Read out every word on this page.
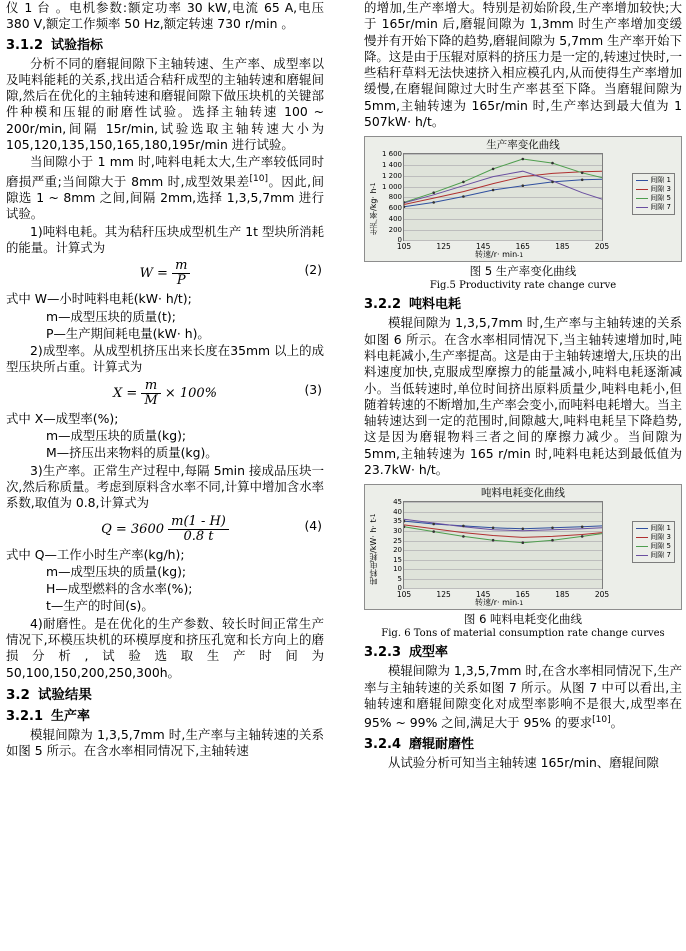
仪 1 台 。电机参数:额定功率 30 kW,电流 65 A,电压 380 V,额定工作频率 50 Hz,额定转速 730 r/min 。

3.1.2 试验指标

分析不同的磨辊间隙下主轴转速、生产率、成型率以及吨料能耗的关系,找出适合秸秆成型的主轴转速和磨辊间隙,然后在优化的主轴转速和磨辊间隙下做压块机的关键部件种模和压辊的耐磨性试验。选择主轴转速 100 ~ 200r/min,间隔 15r/min,试验选取主轴转速大小为 105,120,135,150,165,180,195r/min 进行试验。

当间隙小于 1 mm 时,吨料电耗太大,生产率较低同时磨损严重;当间隙大于 8mm 时,成型效果差[10]。因此,间隙选 1 ~ 8mm 之间,间隔 2mm,选择 1,3,5,7mm 进行试验。

1)吨料电耗。其为秸秆压块成型机生产 1t 型块所消耗的能量。计算式为

$W = \frac{m}{P}$	(2)

式中 W—小时吨料电耗(kW· h/t);

m—成型压块的质量(t);

P—生产期间耗电量(kW· h)。

2)成型率。从成型机挤压出来长度在35mm 以上的成型压块所占重。计算式为

$X = \frac{m}{M} \times 100\%$	(3)

式中 X—成型率(%);

m—成型压块的质量(kg);

M—挤压出来物料的质量(kg)。

3)生产率。正常生产过程中,每隔 5min 接成品压块一次,然后称质量。考虑到原料含水率不同,计算中增加含水率系数,取值为 0.8,计算式为

$Q = 3600 \frac{m(1 - H)}{0.8 t}$	(4)

式中 Q—工作小时生产率(kg/h);

m—成型压块的质量(kg);

H—成型燃料的含水率(%);

t—生产的时间(s)。

4)耐磨性。是在优化的生产参数、较长时间正常生产情况下,环模压块机的环模厚度和挤压孔宽和长方向上的磨损分析,试验选取生产时间为 50,100,150,200,250,300h。

3.2 试验结果
3.2.1 生产率

模辊间隙为 1,3,5,7mm 时,生产率与主轴转速的关系如图 5 所示。在含水率相同情况下,主轴转速

的增加,生产率增大。特别是初始阶段,生产率增加较快;大于 165r/min 后,磨辊间隙为 1,3mm 时生产率增加变缓慢并有开始下降的趋势,磨辊间隙为 5,7mm 生产率开始下降。这是由于压辊对原料的挤压力是一定的,转速过快时,一些秸秆草料无法快速挤入相应模孔内,从而使得生产率增加缓慢,在磨辊间隙过大时生产率甚至下降。当磨辊间隙为5mm,主轴转速为 165r/min 时,生产率达到最大值为 1 507kW· h/t。

生产率变化曲线
1 600
1 400
1 200
1 000
800
600
400
200
0
105	125	145	165	185	205
生产率/kg· h-1
转速/r· min-1
间隙 1
间隙 3
间隙 5
间隙 7
图 5 生产率变化曲线
Fig.5 Productivity rate change curve
3.2.2 吨料电耗

模辊间隙为 1,3,5,7mm 时,生产率与主轴转速的关系如图 6 所示。在含水率相同情况下,当主轴转速增加时,吨料电耗减小,生产率提高。这是由于主轴转速增大,压块的出料速度加快,克服成型摩擦力的能量减小,吨料电耗逐渐减小。当低转速时,单位时间挤出原料质量少,吨料电耗小,但随着转速的不断增加,生产率会变小,而吨料电耗增大。当主轴转速达到一定的范围时,间隙越大,吨料电耗呈下降趋势,这是因为磨辊物料三者之间的摩擦力减少。当间隙为5mm,主轴转速为 165 r/min 时,吨料电耗达到最低值为 23.7kW· h/t。

吨料电耗变化曲线
45
40
35
30
25
20
15
10
5
0
105	125	145	165	185	205
吨料电耗/kW· h· t-1
转速/r· min-1
间隙 1
间隙 3
间隙 5
间隙 7
图 6 吨料电耗变化曲线
Fig. 6 Tons of material consumption rate change curves
3.2.3 成型率

模辊间隙为 1,3,5,7mm 时,在含水率相同情况下,生产率与主轴转速的关系如图 7 所示。从图 7 中可以看出,主轴转速和磨辊间隙变化对成型率影响不是很大,成型率在 95% ~ 99% 之间,满足大于 95% 的要求[10]。

3.2.4 磨辊耐磨性

从试验分析可知当主轴转速 165r/min、磨辊间隙
